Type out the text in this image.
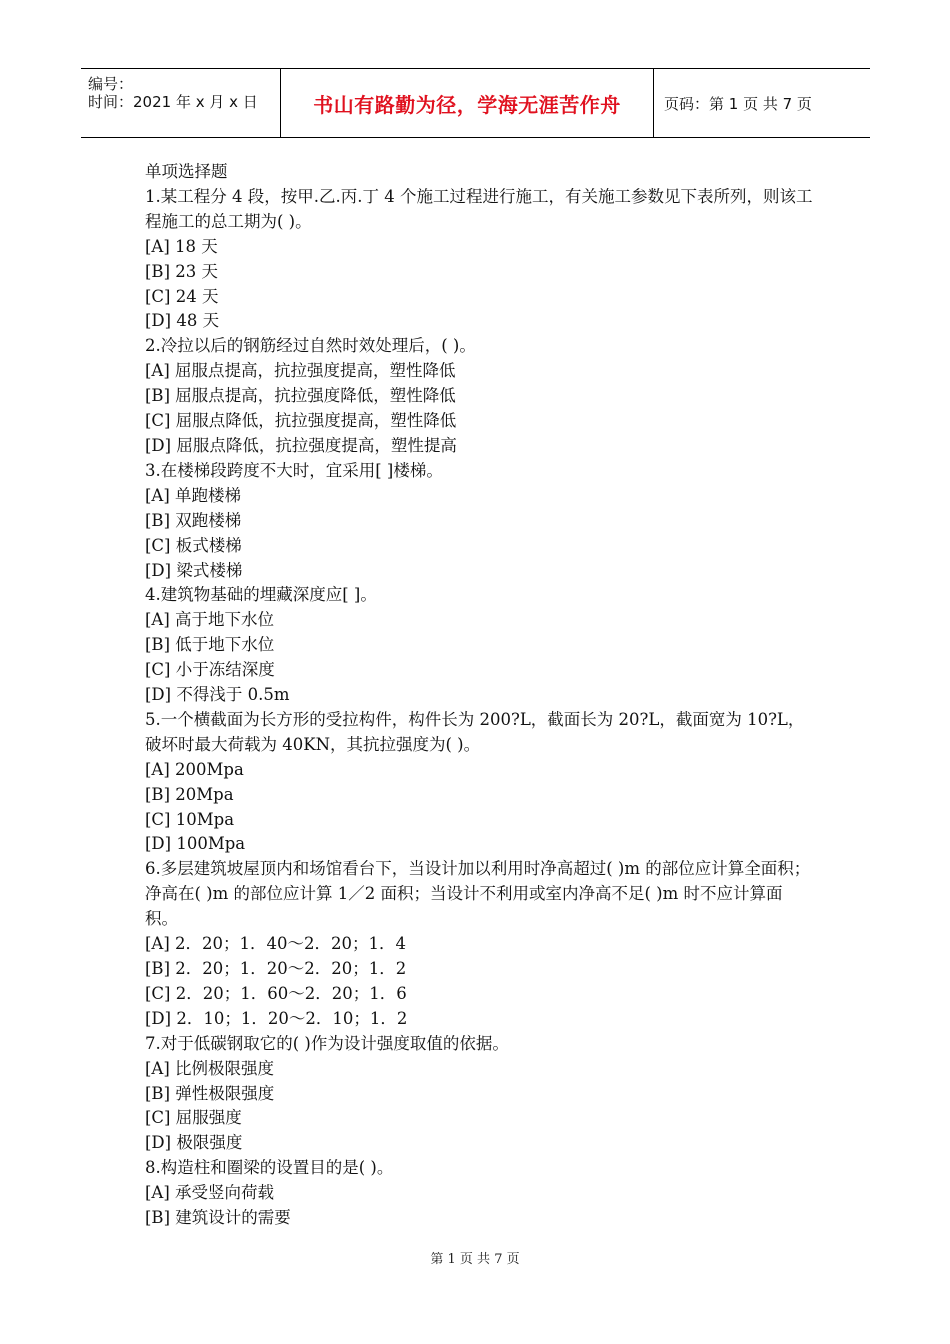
编号：
时间：2021 年 x 月 x 日	书山有路勤为径，学海无涯苦作舟	页码：第 1 页 共 7 页
单项选择题
1.某工程分 4 段，按甲.乙.丙.丁 4 个施工过程进行施工，有关施工参数见下表所列，则该工程施工的总工期为( )。
[A] 18 天
[B] 23 天
[C] 24 天
[D] 48 天
2.冷拉以后的钢筋经过自然时效处理后，( )。
[A] 屈服点提高，抗拉强度提高，塑性降低
[B] 屈服点提高，抗拉强度降低，塑性降低
[C] 屈服点降低，抗拉强度提高，塑性降低
[D] 屈服点降低，抗拉强度提高，塑性提高
3.在楼梯段跨度不大时，宜采用[ ]楼梯。
[A] 单跑楼梯
[B] 双跑楼梯
[C] 板式楼梯
[D] 梁式楼梯
4.建筑物基础的埋藏深度应[ ]。
[A] 高于地下水位
[B] 低于地下水位
[C] 小于冻结深度
[D] 不得浅于 0.5m
5.一个横截面为长方形的受拉构件，构件长为 200?L，截面长为 20?L，截面宽为 10?L，破坏时最大荷载为 40KN，其抗拉强度为( )。
[A] 200Mpa
[B] 20Mpa
[C] 10Mpa
[D] 100Mpa
6.多层建筑坡屋顶内和场馆看台下，当设计加以利用时净高超过( )m 的部位应计算全面积；净高在( )m 的部位应计算 1／2 面积；当设计不利用或室内净高不足( )m 时不应计算面积。
[A] 2．20；1．40～2．20；1．4
[B] 2．20；1．20～2．20；1．2
[C] 2．20；1．60～2．20；1．6
[D] 2．10；1．20～2．10；1．2
7.对于低碳钢取它的( )作为设计强度取值的依据。
[A] 比例极限强度
[B] 弹性极限强度
[C] 屈服强度
[D] 极限强度
8.构造柱和圈梁的设置目的是( )。
[A] 承受竖向荷载
[B] 建筑设计的需要
第 1 页 共 7 页
